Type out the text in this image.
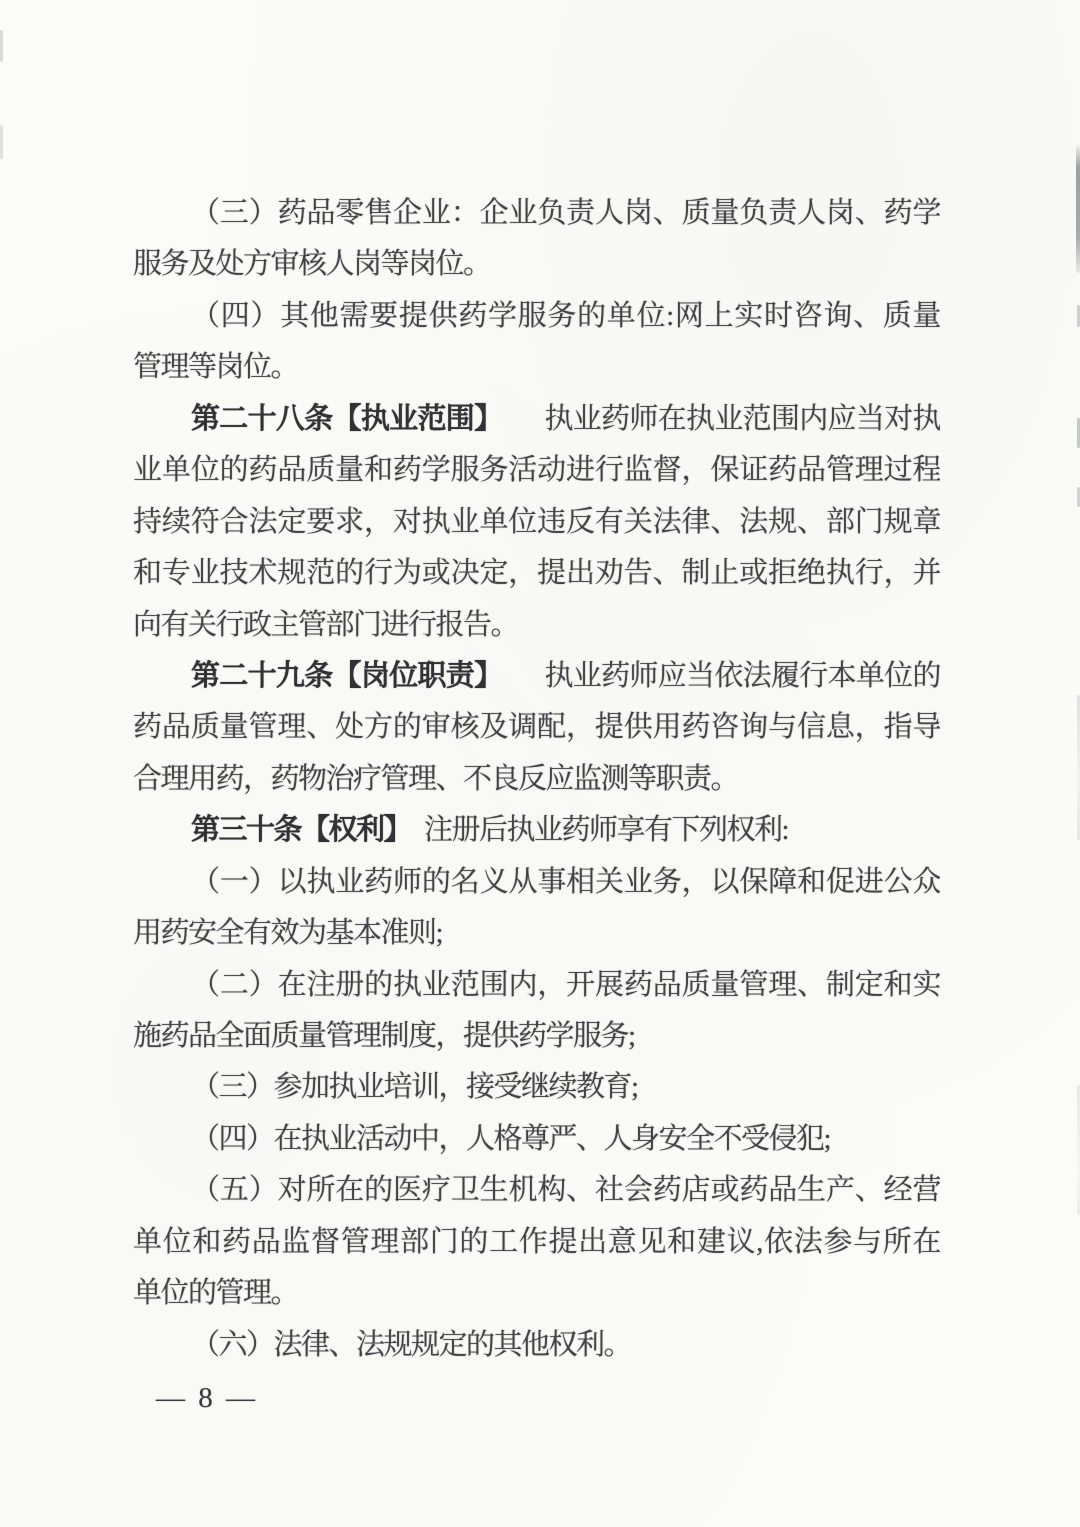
（三）药品零售企业：企业负责人岗、质量负责人岗、药学
服务及处方审核人岗等岗位。
（四）其他需要提供药学服务的单位:网上实时咨询、质量
管理等岗位。
第二十八条【执业范围】　　执业药师在执业范围内应当对执
业单位的药品质量和药学服务活动进行监督，保证药品管理过程
持续符合法定要求，对执业单位违反有关法律、法规、部门规章
和专业技术规范的行为或决定，提出劝告、制止或拒绝执行，并
向有关行政主管部门进行报告。
第二十九条【岗位职责】　　执业药师应当依法履行本单位的
药品质量管理、处方的审核及调配，提供用药咨询与信息，指导
合理用药，药物治疗管理、不良反应监测等职责。
第三十条【权利】　注册后执业药师享有下列权利:
（一）以执业药师的名义从事相关业务，以保障和促进公众
用药安全有效为基本准则;
（二）在注册的执业范围内，开展药品质量管理、制定和实
施药品全面质量管理制度，提供药学服务;
（三）参加执业培训，接受继续教育;
（四）在执业活动中，人格尊严、人身安全不受侵犯;
（五）对所在的医疗卫生机构、社会药店或药品生产、经营
单位和药品监督管理部门的工作提出意见和建议,依法参与所在
单位的管理。
（六）法律、法规规定的其他权利。
— 8 —
